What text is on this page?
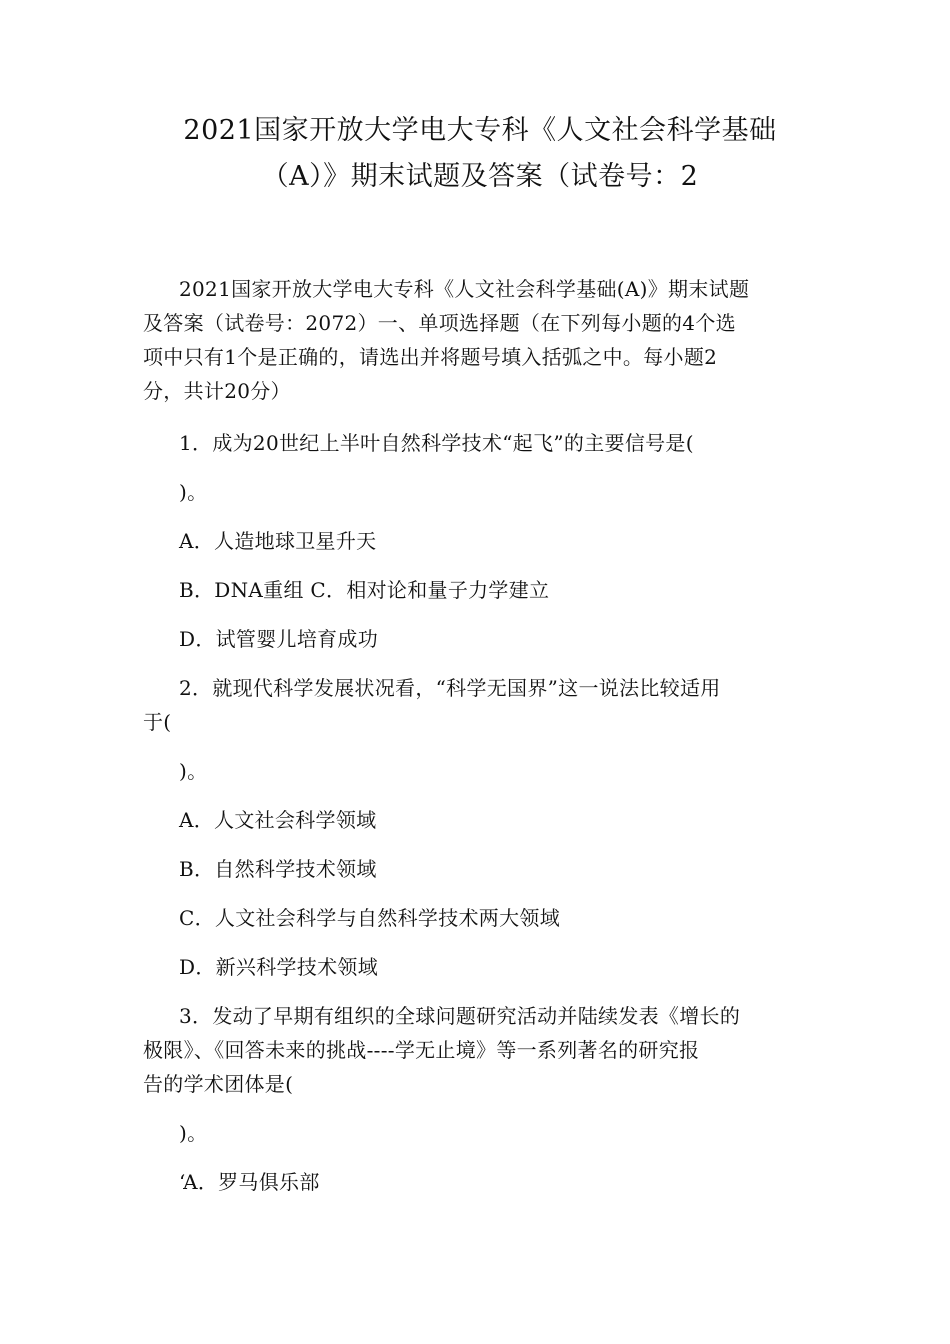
2021国家开放大学电大专科《人文社会科学基础
（A）》期末试题及答案（试卷号：2

2021国家开放大学电大专科《人文社会科学基础(A)》期末试题
及答案（试卷号：2072）一、单项选择题（在下列每小题的4个选
项中只有1个是正确的，请选出并将题号填入括弧之中。每小题2
分，共计20分）

1．成为20世纪上半叶自然科学技术“起飞”的主要信号是(

)。

A．人造地球卫星升天

B．DNA重组 C．相对论和量子力学建立

D．试管婴儿培育成功

2．就现代科学发展状况看，“科学无国界”这一说法比较适用
于(

)。

A．人文社会科学领域

B．自然科学技术领域

C．人文社会科学与自然科学技术两大领域

D．新兴科学技术领域

3．发动了早期有组织的全球问题研究活动并陆续发表《增长的
极限》、《回答未来的挑战----学无止境》等一系列著名的研究报
告的学术团体是(

)。

‘A．罗马俱乐部
